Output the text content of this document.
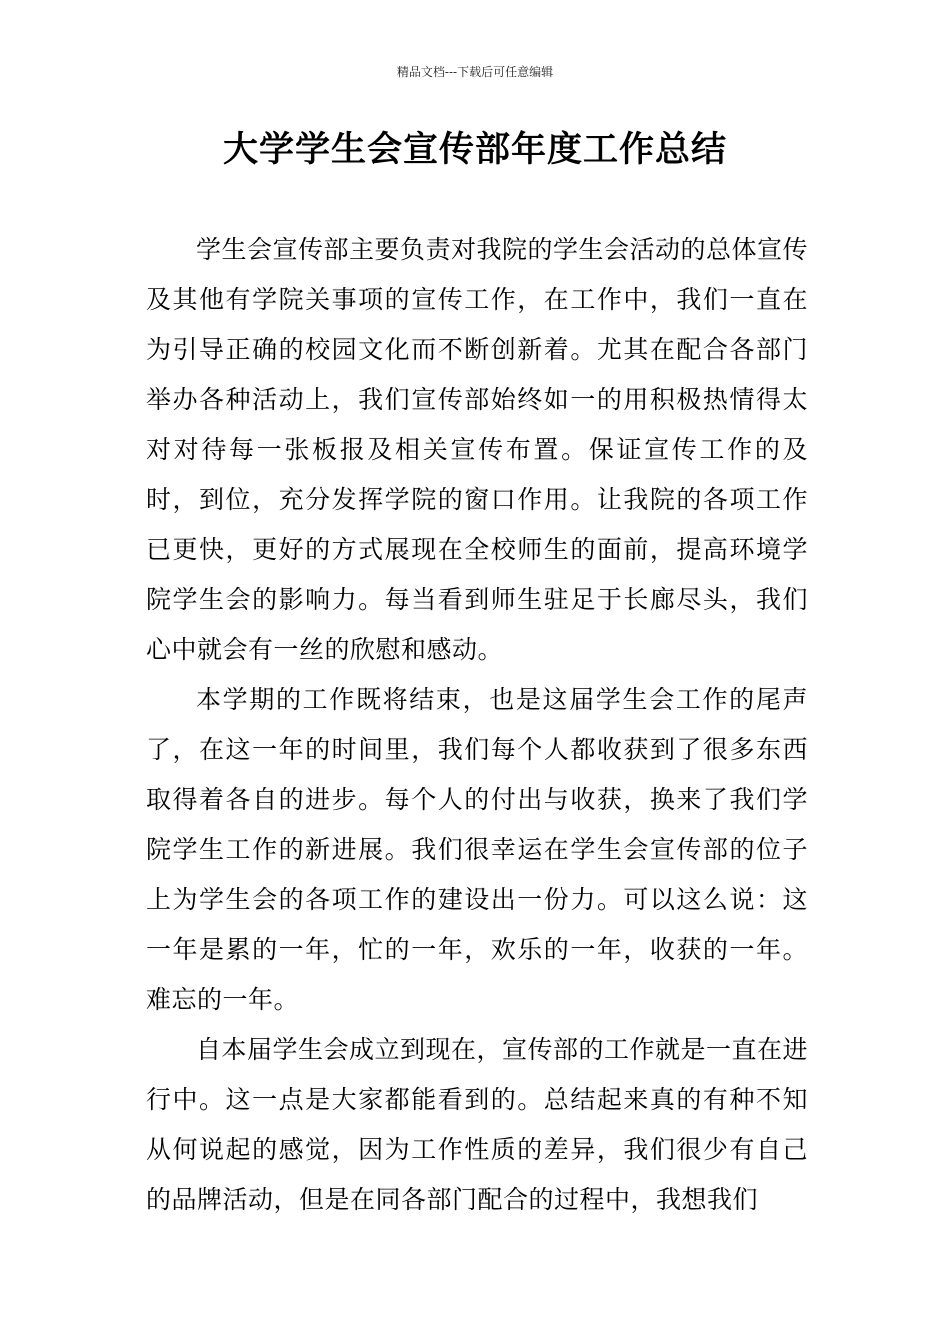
精品文档---下载后可任意编辑
大学学生会宣传部年度工作总结

学生会宣传部主要负责对我院的学生会活动的总体宣传及其他有学院关事项的宣传工作，在工作中，我们一直在为引导正确的校园文化而不断创新着。尤其在配合各部门举办各种活动上，我们宣传部始终如一的用积极热情得太对对待每一张板报及相关宣传布置。保证宣传工作的及时，到位，充分发挥学院的窗口作用。让我院的各项工作已更快，更好的方式展现在全校师生的面前，提高环境学院学生会的影响力。每当看到师生驻足于长廊尽头，我们心中就会有一丝的欣慰和感动。

本学期的工作既将结束，也是这届学生会工作的尾声了，在这一年的时间里，我们每个人都收获到了很多东西取得着各自的进步。每个人的付出与收获，换来了我们学院学生工作的新进展。我们很幸运在学生会宣传部的位子上为学生会的各项工作的建设出一份力。可以这么说：这一年是累的一年，忙的一年，欢乐的一年，收获的一年。难忘的一年。

自本届学生会成立到现在，宣传部的工作就是一直在进行中。这一点是大家都能看到的。总结起来真的有种不知从何说起的感觉，因为工作性质的差异，我们很少有自己的品牌活动，但是在同各部门配合的过程中，我想我们
